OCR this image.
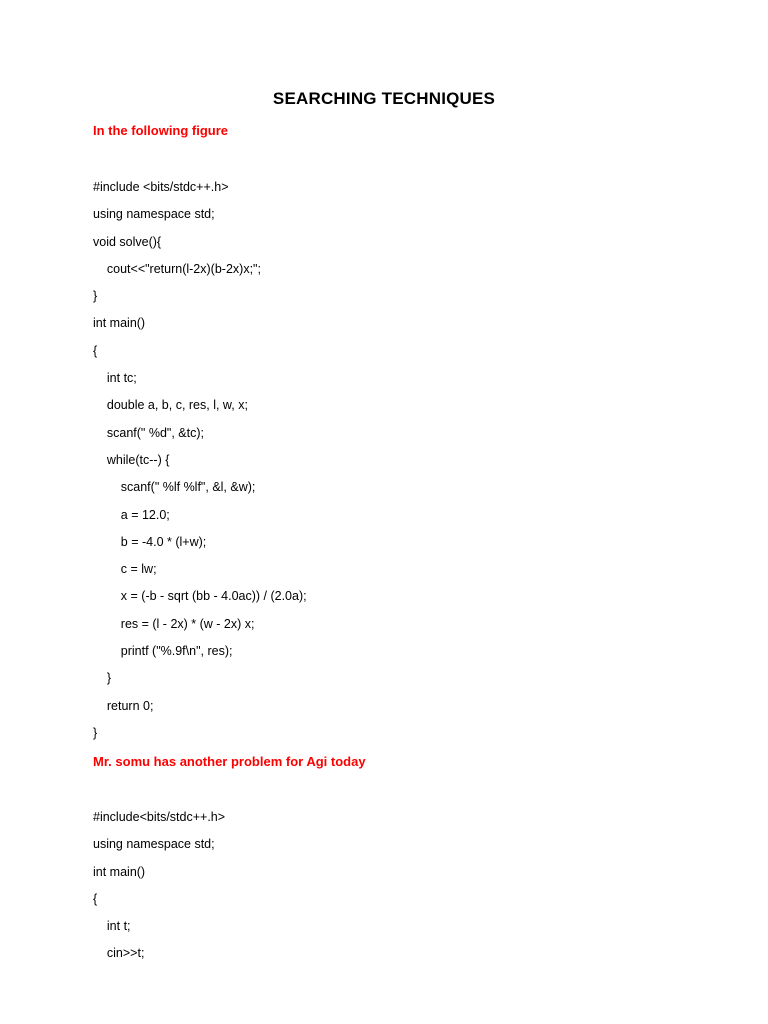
SEARCHING TECHNIQUES
In the following figure
#include <bits/stdc++.h>
using namespace std;
void solve(){
cout<<"return(l-2x)(b-2x)x;";
}
int main()
{
int tc;
double a, b, c, res, l, w, x;
scanf(" %d", &tc);
while(tc--) {
scanf(" %lf %lf", &l, &w);
a = 12.0;
b = -4.0 * (l+w);
c = lw;
x = (-b - sqrt (bb - 4.0ac)) / (2.0a);
res = (l - 2x) * (w - 2x) x;
printf ("%.9f\n", res);
}
return 0;
}
Mr. somu has another problem for Agi today
#include<bits/stdc++.h>
using namespace std;
int main()
{
int t;
cin>>t;
